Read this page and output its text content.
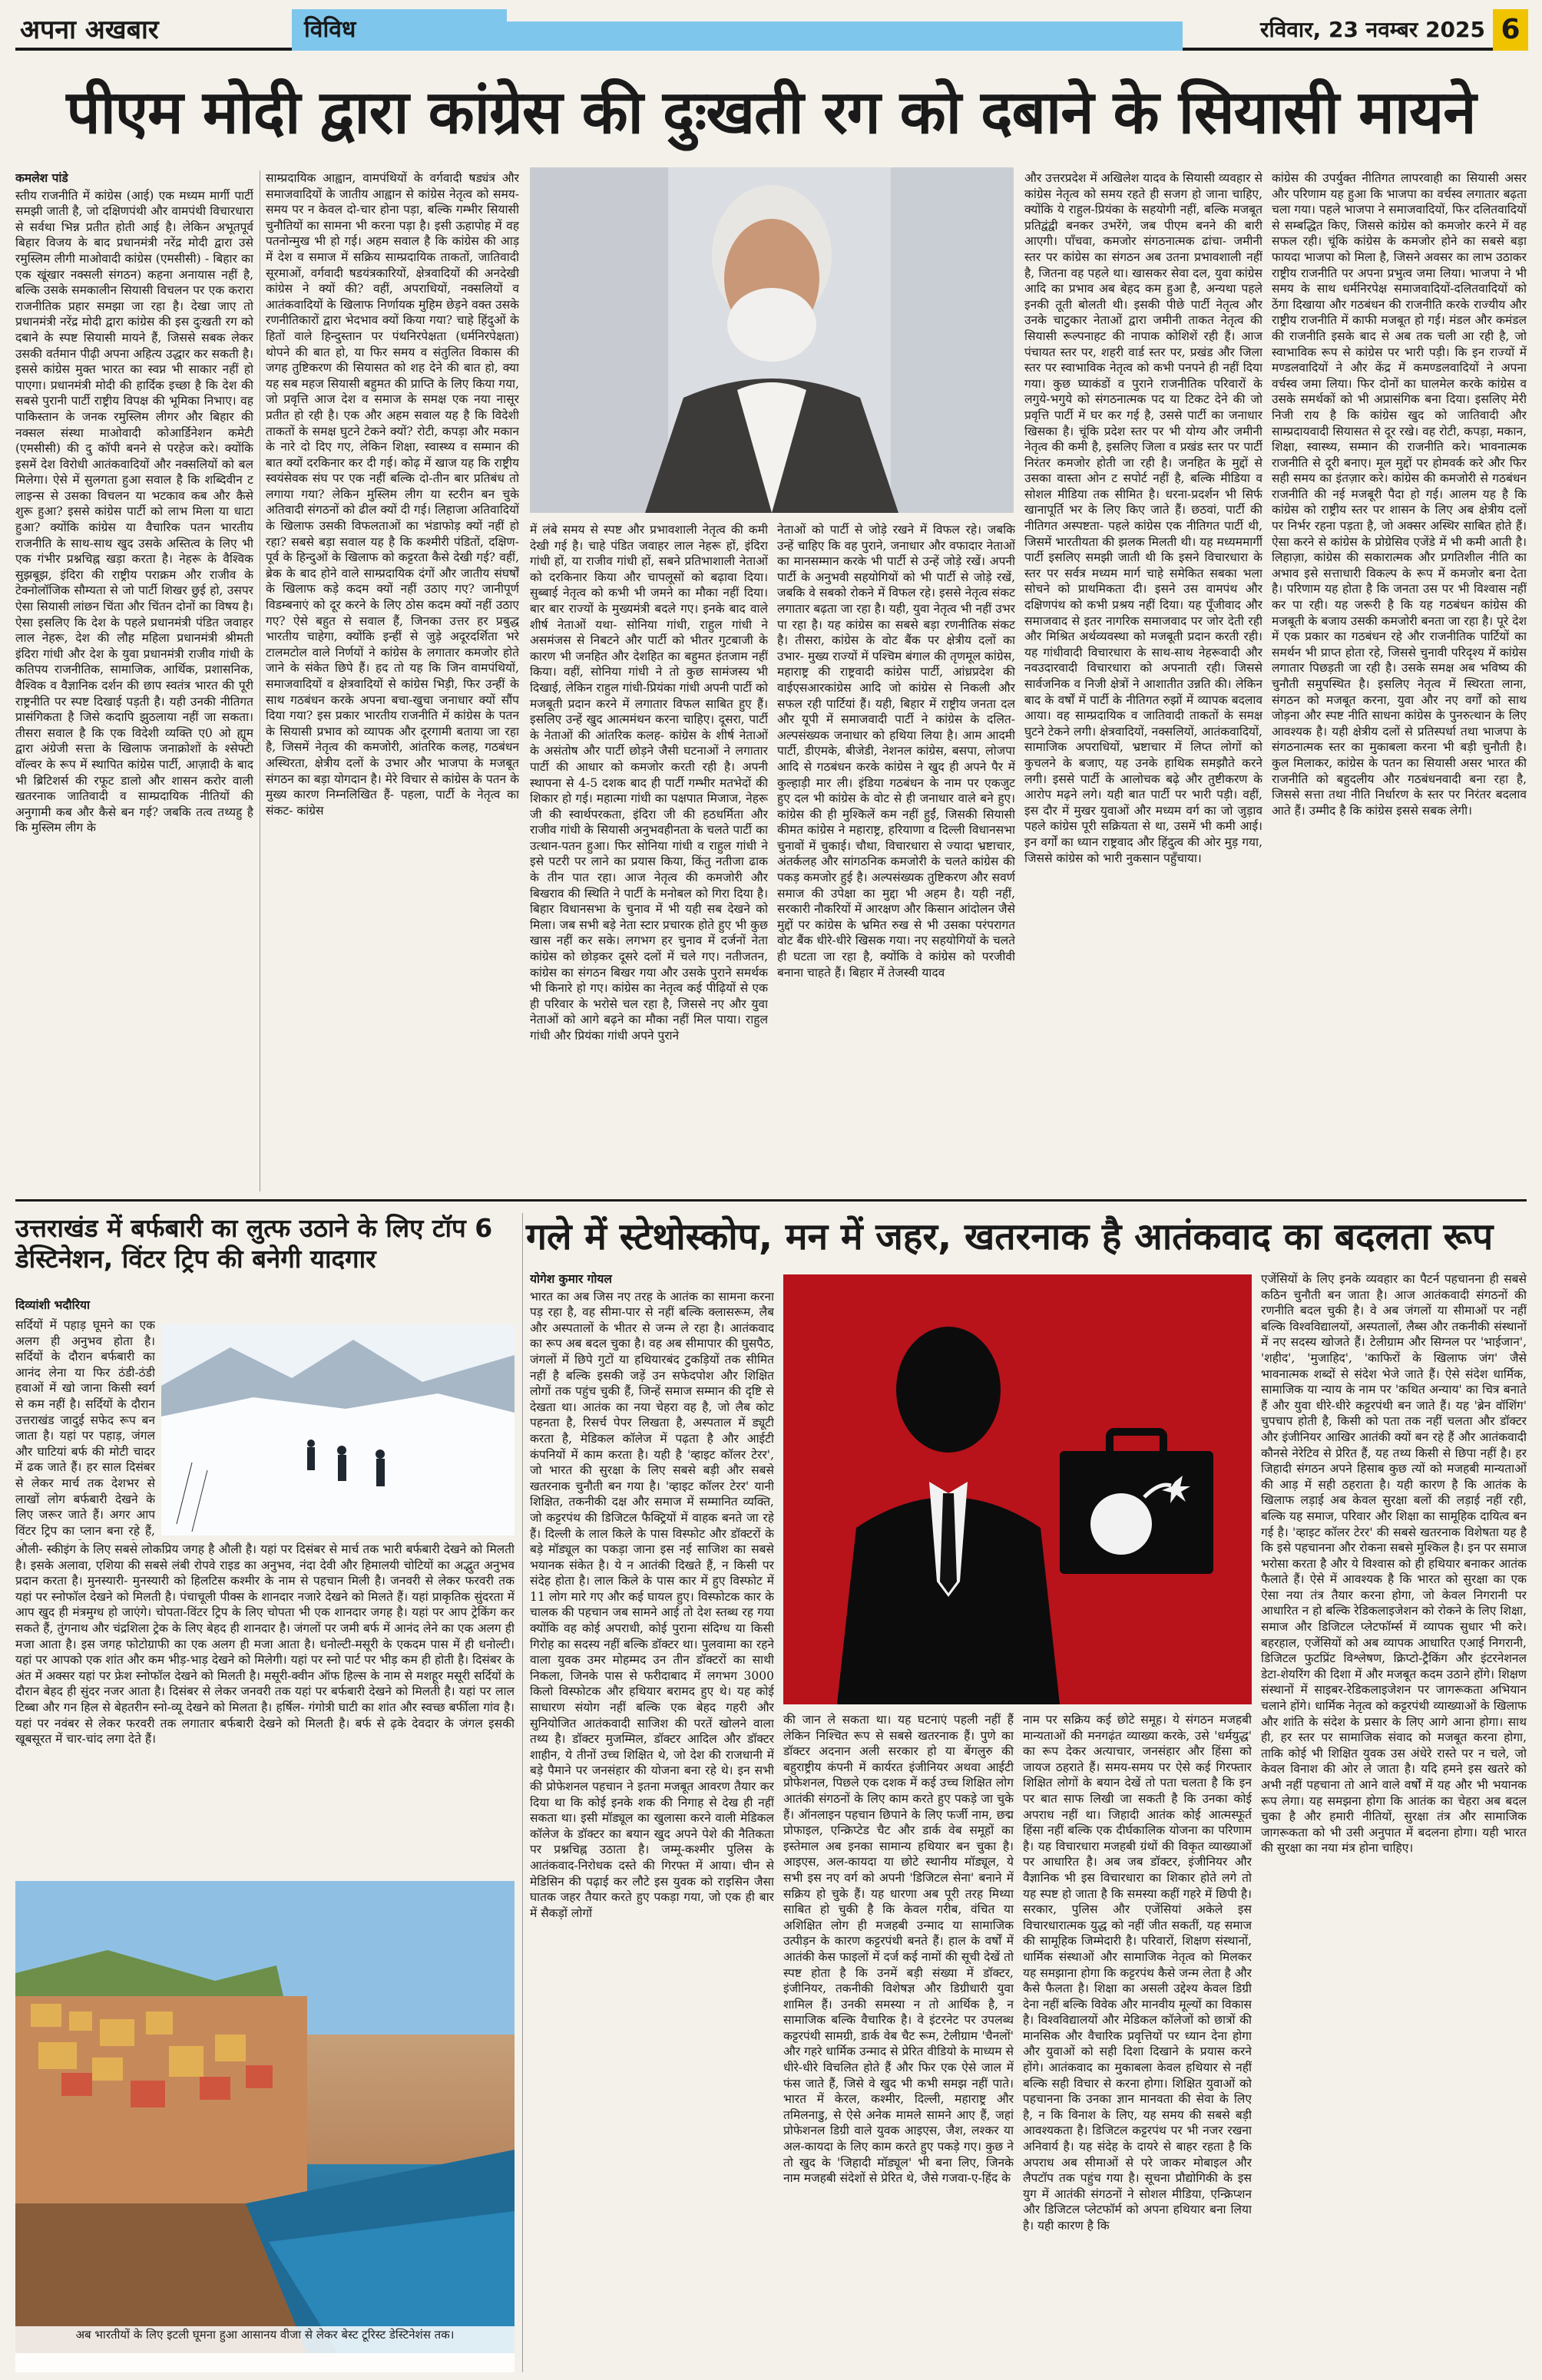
अपना अखबार	विविध	रविवार, 23 नवम्बर 2025 6
पीएम मोदी द्वारा कांग्रेस की दुःखती रग को दबाने के सियासी मायने

कमलेश पांडे

स्तीय राजनीति में कांग्रेस (आई) एक मध्यम मार्गी पार्टी समझी जाती है, जो दक्षिणपंथी और वामपंथी विचारधारा से सर्वथा भिन्न प्रतीत होती आई है। लेकिन अभूतपूर्व बिहार विजय के बाद प्रधानमंत्री नरेंद्र मोदी द्वारा उसे रमुस्लिम लीगी माओवादी कांग्रेस (एमसीसी) - बिहार का एक खूंखार नक्सली संगठन) कहना अनायास नहीं है, बल्कि उसके समकालीन सियासी विचलन पर एक करारा राजनीतिक प्रहार समझा जा रहा है। देखा जाए तो प्रधानमंत्री नरेंद्र मोदी द्वारा कांग्रेस की इस दुःखती रग को दबाने के स्पष्ट सियासी मायने हैं, जिससे सबक लेकर उसकी वर्तमान पीढ़ी अपना अहित्य उद्धार कर सकती है। इससे कांग्रेस मुक्त भारत का स्वप्न भी साकार नहीं हो पाएगा। प्रधानमंत्री मोदी की हार्दिक इच्छा है कि देश की सबसे पुरानी पार्टी राष्ट्रीय विपक्ष की भूमिका निभाए। वह पाकिस्तान के जनक रमुस्लिम लीगर और बिहार की नक्सल संस्था माओवादी कोआर्डिनेशन कमेटी (एमसीसी) की दु कॉपी बनने से परहेज करे। क्योंकि इसमें देश विरोधी आतंकवादियों और नक्सलियों को बल मिलेगा। ऐसे में सुलगता हुआ सवाल है कि शब्दिवीन ट लाइन्स से उसका विचलन या भटकाव कब और कैसे शुरू हुआ? इससे कांग्रेस पार्टी को लाभ मिला या धाटा हुआ? क्योंकि कांग्रेस या वैचारिक पतन भारतीय राजनीति के साथ-साथ खुद उसके अस्तित्व के लिए भी एक गंभीर प्रश्नचिह्न खड़ा करता है। नेहरू के वैश्विक सुझबूझ, इंदिरा की राष्ट्रीय पराक्रम और राजीव के टेक्नोलॉजिक सौम्यता से जो पार्टी शिखर छुई हो, उसपर ऐसा सियासी लांछन चिंता और चिंतन दोनों का विषय है। ऐसा इसलिए कि देश के पहले प्रधानमंत्री पंडित जवाहर लाल नेहरू, देश की लौह महिला प्रधानमंत्री श्रीमती इंदिरा गांधी और देश के युवा प्रधानमंत्री राजीव गांधी के कतिपय राजनीतिक, सामाजिक, आर्थिक, प्रशासनिक, वैश्विक व वैज्ञानिक दर्शन की छाप स्वतंत्र भारत की पूरी राष्ट्रनीति पर स्पष्ट दिखाई पड़ती है। यही उनकी नीतिगत प्रासंगिकता है जिसे कदापि झुठलाया नहीं जा सकता। तीसरा सवाल है कि एक विदेशी व्यक्ति ए0 ओ ह्यूम द्वारा अंग्रेजी सत्ता के खिलाफ जनाक्रोशों के श्सेफ्टी वॉल्वर के रूप में स्थापित कांग्रेस पार्टी, आज़ादी के बाद भी ब्रिटिशर्स की रफूट डालो और शासन करोर वाली खतरनाक जातिवादी व साम्प्रदायिक नीतियों की अनुगामी कब और कैसे बन गई? जबकि तत्व तथ्यहु है कि मुस्लिम लीग के

साम्प्रदायिक आह्वान, वामपंथियों के वर्गवादी षड्यंत्र और समाजवादियों के जातीय आह्वान से कांग्रेस नेतृत्व को समय-समय पर न केवल दो-चार होना पड़ा, बल्कि गम्भीर सियासी चुनौतियों का सामना भी करना पड़ा है। इसी ऊहापोह में वह पतनोन्मुख भी हो गई। अहम सवाल है कि कांग्रेस की आड़ में देश व समाज में सक्रिय साम्प्रदायिक ताकतों, जातिवादी सूरमाओं, वर्गवादी षडयंत्रकारियों, क्षेत्रवादियों की अनदेखी कांग्रेस ने क्यों की? वहीं, अपराधियों, नक्सलियों व आतंकवादियों के खिलाफ निर्णायक मुहिम छेड़ने वक्त उसके रणनीतिकारों द्वारा भेदभाव क्यों किया गया? चाहे हिंदुओं के हितों वाले हिन्दुस्तान पर पंथनिरपेक्षता (धर्मनिरपेक्षता) थोपने की बात हो, या फिर समय व संतुलित विकास की जगह तुष्टिकरण की सियासत को शह देने की बात हो, क्या यह सब महज सियासी बहुमत की प्राप्ति के लिए किया गया, जो प्रवृत्ति आज देश व समाज के समक्ष एक नया नासूर प्रतीत हो रही है। एक और अहम सवाल यह है कि विदेशी ताकतों के समक्ष घुटने टेकने क्यों? रोटी, कपड़ा और मकान के नारे दो दिए गए, लेकिन शिक्षा, स्वास्थ्य व सम्मान की बात क्यों दरकिनार कर दी गई। कोढ़ में खाज यह कि राष्ट्रीय स्वयंसेवक संघ पर एक नहीं बल्कि दो-तीन बार प्रतिबंध तो लगाया गया? लेकिन मुस्लिम लीग या स्टरीन बन चुके अतिवादी संगठनों को ढील क्यों दी गई। लिहाजा अतिवादियों के खिलाफ उसकी विफलताओं का भंडाफोड़ क्यों नहीं हो रहा? सबसे बड़ा सवाल यह है कि कश्मीरी पंडितों, दक्षिण-पूर्व के हिन्दुओं के खिलाफ को कट्टरता कैसे देखी गई? वहीं, ब्रेक के बाद होने वाले साम्प्रदायिक दंगों और जातीय संघर्षों के खिलाफ कड़े कदम क्यों नहीं उठाए गए? जानीपूर्ण विडम्बनाएं को दूर करने के लिए ठोस कदम क्यों नहीं उठाए गए? ऐसे बहुत से सवाल हैं, जिनका उत्तर हर प्रबुद्ध भारतीय चाहेगा, क्योंकि इन्हीं से जुड़े अदूरदर्शिता भरे टालमटोल वाले निर्णयों ने कांग्रेस के लगातार कमजोर होते जाने के संकेत छिपे हैं। हद तो यह कि जिन वामपंथियों, समाजवादियों व क्षेत्रवादियों से कांग्रेस भिड़ी, फिर उन्हीं के साथ गठबंधन करके अपना बचा-खुचा जनाधार क्यों सौंप दिया गया? इस प्रकार भारतीय राजनीति में कांग्रेस के पतन के सियासी प्रभाव को व्यापक और दूरगामी बताया जा रहा है, जिसमें नेतृत्व की कमजोरी, आंतरिक कलह, गठबंधन अस्थिरता, क्षेत्रीय दलों के उभार और भाजपा के मजबूत संगठन का बड़ा योगदान है। मेरे विचार से कांग्रेस के पतन के मुख्य कारण निम्नलिखित हैं- पहला, पार्टी के नेतृत्व का संकट- कांग्रेस

में लंबे समय से स्पष्ट और प्रभावशाली नेतृत्व की कमी देखी गई है। चाहे पंडित जवाहर लाल नेहरू हों, इंदिरा गांधी हों, या राजीव गांधी हों, सबने प्रतिभाशाली नेताओं को दरकिनार किया और चापलूसों को बढ़ावा दिया। सुब्बाई नेतृत्व को कभी भी जमने का मौका नहीं दिया। बार बार राज्यों के मुख्यमंत्री बदले गए। इनके बाद वाले शीर्ष नेताओं यथा- सोनिया गांधी, राहुल गांधी ने असमंजस से निबटने और पार्टी को भीतर गुटबाजी के कारण भी जनहित और देशहित का बहुमत इंतजाम नहीं किया। वहीं, सोनिया गांधी ने तो कुछ सामंजस्य भी दिखाई, लेकिन राहुल गांधी-प्रियंका गांधी अपनी पार्टी को मजबूती प्रदान करने में लगातार विफल साबित हुए हैं। इसलिए उन्हें खुद आत्ममंथन करना चाहिए। दूसरा, पार्टी के नेताओं की आंतरिक कलह- कांग्रेस के शीर्ष नेताओं के असंतोष और पार्टी छोड़ने जैसी घटनाओं ने लगातार पार्टी की आधार को कमजोर करती रही है। अपनी स्थापना से 4-5 दशक बाद ही पार्टी गम्भीर मतभेदों की शिकार हो गई। महात्मा गांधी का पक्षपात मिजाज, नेहरू जी की स्वार्थपरकता, इंदिरा जी की हठधर्मिता और राजीव गांधी के सियासी अनुभवहीनता के चलते पार्टी का उत्थान-पतन हुआ। फिर सोनिया गांधी व राहुल गांधी ने इसे पटरी पर लाने का प्रयास किया, किंतु नतीजा ढाक के तीन पात रहा। आज नेतृत्व की कमजोरी और बिखराव की स्थिति ने पार्टी के मनोबल को गिरा दिया है। बिहार विधानसभा के चुनाव में भी यही सब देखने को मिला। जब सभी बड़े नेता स्टार प्रचारक होते हुए भी कुछ खास नहीं कर सके। लगभग हर चुनाव में दर्जनों नेता कांग्रेस को छोड़कर दूसरे दलों में चले गए। नतीजतन, कांग्रेस का संगठन बिखर गया और उसके पुराने समर्थक भी किनारे हो गए। कांग्रेस का नेतृत्व कई पीढ़ियों से एक ही परिवार के भरोसे चल रहा है, जिससे नए और युवा नेताओं को आगे बढ़ने का मौका नहीं मिल पाया। राहुल गांधी और प्रियंका गांधी अपने पुराने

नेताओं को पार्टी से जोड़े रखने में विफल रहे। जबकि उन्हें चाहिए कि वह पुराने, जनाधार और वफादार नेताओं का मानसम्मान करके भी पार्टी से उन्हें जोड़े रखें। अपनी पार्टी के अनुभवी सहयोगियों को भी पार्टी से जोड़े रखें, जबकि वे सबको रोकने में विफल रहे। इससे नेतृत्व संकट लगातार बढ़ता जा रहा है। यही, युवा नेतृत्व भी नहीं उभर पा रहा है। यह कांग्रेस का सबसे बड़ा रणनीतिक संकट है। तीसरा, कांग्रेस के वोट बैंक पर क्षेत्रीय दलों का उभार- मुख्य राज्यों में पश्चिम बंगाल की तृणमूल कांग्रेस, महाराष्ट्र की राष्ट्रवादी कांग्रेस पार्टी, आंध्रप्रदेश की वाईएसआरकांग्रेस आदि जो कांग्रेस से निकली और सफल रही पार्टियां हैं। यही, बिहार में राष्ट्रीय जनता दल और यूपी में समाजवादी पार्टी ने कांग्रेस के दलित-अल्पसंख्यक जनाधार को हथिया लिया है। आम आदमी पार्टी, डीएमके, बीजेडी, नेशनल कांग्रेस, बसपा, लोजपा आदि से गठबंधन करके कांग्रेस ने खुद ही अपने पैर में कुल्हाड़ी मार ली। इंडिया गठबंधन के नाम पर एकजुट हुए दल भी कांग्रेस के वोट से ही जनाधार वाले बने हुए। कांग्रेस की ही मुश्किलें कम नहीं हुईं, जिसकी सियासी कीमत कांग्रेस ने महाराष्ट्र, हरियाणा व दिल्ली विधानसभा चुनावों में चुकाई। चौथा, विचारधारा से ज्यादा भ्रष्टाचार, अंतर्कलह और सांगठनिक कमजोरी के चलते कांग्रेस की पकड़ कमजोर हुई है। अल्पसंख्यक तुष्टिकरण और सवर्ण समाज की उपेक्षा का मुद्दा भी अहम है। यही नहीं, सरकारी नौकरियों में आरक्षण और किसान आंदोलन जैसे मुद्दों पर कांग्रेस के भ्रमित रुख से भी उसका परंपरागत वोट बैंक धीरे-धीरे खिसक गया। नए सहयोगियों के चलते ही घटता जा रहा है, क्योंकि वे कांग्रेस को परजीवी बनाना चाहते हैं। बिहार में तेजस्वी यादव

और उत्तरप्रदेश में अखिलेश यादव के सियासी व्यवहार से कांग्रेस नेतृत्व को समय रहते ही सजग हो जाना चाहिए, क्योंकि ये राहुल-प्रियंका के सहयोगी नहीं, बल्कि मजबूत प्रतिद्वंद्वी बनकर उभरेंगे, जब पीएम बनने की बारी आएगी। पाँचवा, कमजोर संगठनात्मक ढांचा- जमीनी स्तर पर कांग्रेस का संगठन अब उतना प्रभावशाली नहीं है, जितना वह पहले था। खासकर सेवा दल, युवा कांग्रेस आदि का प्रभाव अब बेहद कम हुआ है, अन्यथा पहले इनकी तूती बोलती थी। इसकी पीछे पार्टी नेतृत्व और उनके चाटुकार नेताओं द्वारा जमीनी ताकत नेतृत्व की सियासी रूल्पनाहट की नापाक कोशिशें रही हैं। आज पंचायत स्तर पर, शहरी वार्ड स्तर पर, प्रखंड और जिला स्तर पर स्वाभाविक नेतृत्व को कभी पनपने ही नहीं दिया गया। कुछ घ्याकंडों व पुराने राजनीतिक परिवारों के लगुये-भगुये को संगठनात्मक पद या टिकट देने की जो प्रवृत्ति पार्टी में घर कर गई है, उससे पार्टी का जनाधार खिसका है। चूंकि प्रदेश स्तर पर भी योग्य और जमीनी नेतृत्व की कमी है, इसलिए जिला व प्रखंड स्तर पर पार्टी निरंतर कमजोर होती जा रही है। जनहित के मुद्दों से उसका वास्ता ओन ट सपोर्ट नहीं है, बल्कि मीडिया व सोशल मीडिया तक सीमित है। धरना-प्रदर्शन भी सिर्फ खानापूर्ति भर के लिए किए जाते हैं। छठवां, पार्टी की नीतिगत अस्पष्टता- पहले कांग्रेस एक नीतिगत पार्टी थी, जिसमें भारतीयता की झलक मिलती थी। यह मध्यममार्गी पार्टी इसलिए समझी जाती थी कि इसने विचारधारा के स्तर पर सर्वत्र मध्यम मार्ग चाहे समेकित सबका भला सोचने को प्राथमिकता दी। इसने उस वामपंथ और दक्षिणपंथ को कभी प्रश्रय नहीं दिया। यह पूँजीवाद और समाजवाद से इतर नागरिक समाजवाद पर जोर देती रही और मिश्रित अर्थव्यवस्था को मजबूती प्रदान करती रही। यह गांधीवादी विचारधारा के साथ-साथ नेहरूवादी और नवउदारवादी विचारधारा को अपनाती रही। जिससे सार्वजनिक व निजी क्षेत्रों ने आशातीत उन्नति की। लेकिन बाद के वर्षों में पार्टी के नीतिगत रुझों में व्यापक बदलाव आया। वह साम्प्रदायिक व जातिवादी ताकतों के समक्ष घुटने टेकने लगी। क्षेत्रवादियों, नक्सलियों, आतंकवादियों, सामाजिक अपराधियों, भ्रष्टाचार में लिप्त लोगों को कुचलने के बजाए, यह उनके हाथिक समझौते करने लगी। इससे पार्टी के आलोचक बढ़े और तुष्टीकरण के आरोप मढ़ने लगे। यही बात पार्टी पर भारी पड़ी। वहीं, इस दौर में मुखर युवाओं और मध्यम वर्ग का जो जुड़ाव पहले कांग्रेस पूरी सक्रियता से था, उसमें भी कमी आई। इन वर्गों का ध्यान राष्ट्रवाद और हिंदुत्व की ओर मुड़ गया, जिससे कांग्रेस को भारी नुकसान पहुँचाया।

कांग्रेस की उपर्युक्त नीतिगत लापरवाही का सियासी असर और परिणाम यह हुआ कि भाजपा का वर्चस्व लगातार बढ़ता चला गया। पहले भाजपा ने समाजवादियों, फिर दलितवादियों से सम्बद्धित किए, जिससे कांग्रेस को कमजोर करने में वह सफल रही। चूंकि कांग्रेस के कमजोर होने का सबसे बड़ा फायदा भाजपा को मिला है, जिसने अवसर का लाभ उठाकर राष्ट्रीय राजनीति पर अपना प्रभुत्व जमा लिया। भाजपा ने भी समय के साथ धर्मनिरपेक्ष समाजवादियों-दलितवादियों को ठेंगा दिखाया और गठबंधन की राजनीति करके राज्यीय और राष्ट्रीय राजनीति में काफी मजबूत हो गई। मंडल और कमंडल की राजनीति इसके बाद से अब तक चली आ रही है, जो स्वाभाविक रूप से कांग्रेस पर भारी पड़ी। कि इन राज्यों में मण्डलवादियों ने और केंद्र में कमण्डलवादियों ने अपना वर्चस्व जमा लिया। फिर दोनों का घालमेल करके कांग्रेस व उसके समर्थकों को भी अप्रासंगिक बना दिया। इसलिए मेरी निजी राय है कि कांग्रेस खुद को जातिवादी और साम्प्रदायवादी सियासत से दूर रखे। वह रोटी, कपड़ा, मकान, शिक्षा, स्वास्थ्य, सम्मान की राजनीति करे। भावनात्मक राजनीति से दूरी बनाए। मूल मुद्दों पर होमवर्क करे और फिर सही समय का इंतज़ार करे। कांग्रेस की कमजोरी से गठबंधन राजनीति की नई मजबूरी पैदा हो गई। आलम यह है कि कांग्रेस को राष्ट्रीय स्तर पर शासन के लिए अब क्षेत्रीय दलों पर निर्भर रहना पड़ता है, जो अक्सर अस्थिर साबित होते हैं। ऐसा करने से कांग्रेस के प्रोग्रेसिव एजेंडे में भी कमी आती है। लिहाज़ा, कांग्रेस की सकारात्मक और प्रगतिशील नीति का अभाव इसे सत्ताधारी विकल्प के रूप में कमजोर बना देता है। परिणाम यह होता है कि जनता उस पर भी विश्वास नहीं कर पा रही। यह जरूरी है कि यह गठबंधन कांग्रेस की मजबूती के बजाय उसकी कमजोरी बनता जा रहा है। पूरे देश में एक प्रकार का गठबंधन रहे और राजनीतिक पार्टियों का समर्थन भी प्राप्त होता रहे, जिससे चुनावी परिदृश्य में कांग्रेस लगातार पिछड़ती जा रही है। उसके समक्ष अब भविष्य की चुनौती समुपस्थित है। इसलिए नेतृत्व में स्थिरता लाना, संगठन को मजबूत करना, युवा और नए वर्गों को साथ जोड़ना और स्पष्ट नीति साधना कांग्रेस के पुनरुत्थान के लिए आवश्यक है। यही क्षेत्रीय दलों से प्रतिस्पर्धा तथा भाजपा के संगठनात्मक स्तर का मुकाबला करना भी बड़ी चुनौती है। कुल मिलाकर, कांग्रेस के पतन का सियासी असर भारत की राजनीति को बहुदलीय और गठबंधनवादी बना रहा है, जिससे सत्ता तथा नीति निर्धारण के स्तर पर निरंतर बदलाव आते हैं। उम्मीद है कि कांग्रेस इससे सबक लेगी।

उत्तराखंड में बर्फबारी का लुत्फ उठाने के लिए टॉप 6 डेस्टिनेशन, विंटर ट्रिप की बनेगी यादगार

दिव्यांशी भदौरिया

सर्दियों में पहाड़ घूमने का एक अलग ही अनुभव होता है। सर्दियों के दौरान बर्फबारी का आनंद लेना या फिर ठंडी-ठंडी हवाओं में खो जाना किसी स्वर्ग से कम नहीं है। सर्दियों के दौरान उत्तराखंड जादुई सफेद रूप बन जाता है। यहां पर पहाड़, जंगल और घाटियां बर्फ की मोटी चादर में ढक जाते हैं। हर साल दिसंबर से लेकर मार्च तक देशभर से लाखों लोग बर्फबारी देखने के लिए जरूर जाते हैं। अगर आप विंटर ट्रिप का प्लान बना रहे हैं,

औली- स्कीइंग के लिए सबसे लोकप्रिय जगह है औली है। यहां पर दिसंबर से मार्च तक भारी बर्फबारी देखने को मिलती है। इसके अलावा, एशिया की सबसे लंबी रोपवे राइड का अनुभव, नंदा देवी और हिमालयी चोटियों का अद्भुत अनुभव प्रदान करता है। मुनस्यारी- मुनस्यारी को हिलटिस कश्मीर के नाम से पहचान मिली है। जनवरी से लेकर फरवरी तक यहां पर स्नोफॉल देखने को मिलती है। पंचाचूली पीक्स के शानदार नजारे देखने को मिलते हैं। यहां प्राकृतिक सुंदरता में आप खुद ही मंत्रमुग्ध हो जाएंगे। चोपता-विंटर ट्रिप के लिए चोपता भी एक शानदार जगह है। यहां पर आप ट्रेकिंग कर सकते हैं, तुंगनाथ और चंद्रशिला ट्रेक के लिए बेहद ही शानदार है। जंगलों पर जमी बर्फ में आनंद लेने का एक अलग ही मजा आता है। इस जगह फोटोग्राफी का एक अलग ही मजा आता है। धनोल्टी-मसूरी के एकदम पास में ही धनोल्टी। यहां पर आपको एक शांत और कम भीड़-भाड़ देखने को मिलेगी। यहां पर स्नो पार्ट पर भीड़ कम ही होती है। दिसंबर के अंत में अक्सर यहां पर फ्रेश स्नोफॉल देखने को मिलती है। मसूरी-क्वीन ऑफ हिल्स के नाम से मशहूर मसूरी सर्दियों के दौरान बेहद ही सुंदर नजर आता है। दिसंबर से लेकर जनवरी तक यहां पर बर्फबारी देखने को मिलती है। यहां पर लाल टिब्बा और गन हिल से बेहतरीन स्नो-व्यू देखने को मिलता है। हर्षिल- गंगोत्री घाटी का शांत और स्वच्छ बर्फीला गांव है। यहां पर नवंबर से लेकर फरवरी तक लगातार बर्फबारी देखने को मिलती है। बर्फ से ढ़के देवदार के जंगल इसकी खूबसूरत में चार-चांद लगा देते हैं।

अब भारतीयों के लिए इटली घूमना हुआ आसानय वीजा से लेकर बेस्ट टूरिस्ट डेस्टिनेशंस तक।
गले में स्टेथोस्कोप, मन में जहर, खतरनाक है आतंकवाद का बदलता रूप

योगेश कुमार गोयल

भारत का अब जिस नए तरह के आतंक का सामना करना पड़ रहा है, वह सीमा-पार से नहीं बल्कि क्लासरूम, लैब और अस्पतालों के भीतर से जन्म ले रहा है। आतंकवाद का रूप अब बदल चुका है। वह अब सीमापार की घुसपैठ, जंगलों में छिपे गुटों या हथियारबंद टुकड़ियों तक सीमित नहीं है बल्कि इसकी जड़ें उन सफेदपोश और शिक्षित लोगों तक पहुंच चुकी हैं, जिन्हें समाज सम्मान की दृष्टि से देखता था। आतंक का नया चेहरा वह है, जो लैब कोट पहनता है, रिसर्च पेपर लिखता है, अस्पताल में ड्यूटी करता है, मेडिकल कॉलेज में पढ़ता है और आईटी कंपनियों में काम करता है। यही है 'व्हाइट कॉलर टेरर', जो भारत की सुरक्षा के लिए सबसे बड़ी और सबसे खतरनाक चुनौती बन गया है। 'व्हाइट कॉलर टेरर' यानी शिक्षित, तकनीकी दक्ष और समाज में सम्मानित व्यक्ति, जो कट्टरपंथ की डिजिटल फैक्ट्रियों में वाहक बनते जा रहे हैं। दिल्ली के लाल किले के पास विस्फोट और डॉक्टरों के बड़े मॉड्यूल का पकड़ा जाना इस नई साजिश का सबसे भयानक संकेत है। ये न आतंकी दिखते हैं, न किसी पर संदेह होता है। लाल किले के पास कार में हुए विस्फोट में 11 लोग मारे गए और कई घायल हुए। विस्फोटक कार के चालक की पहचान जब सामने आई तो देश स्तब्ध रह गया क्योंकि वह कोई अपराधी, कोई पुराना संदिग्ध या किसी गिरोह का सदस्य नहीं बल्कि डॉक्टर था। पुलवामा का रहने वाला युवक उमर मोहम्मद उन तीन डॉक्टरों का साथी निकला, जिनके पास से फरीदाबाद में लगभग 3000 किलो विस्फोटक और हथियार बरामद हुए थे। यह कोई साधारण संयोग नहीं बल्कि एक बेहद गहरी और सुनियोजित आतंकवादी साजिश की परतें खोलने वाला तथ्य है। डॉक्टर मुजम्मिल, डॉक्टर आदिल और डॉक्टर शाहीन, ये तीनों उच्च शिक्षित थे, जो देश की राजधानी में बड़े पैमाने पर जनसंहार की योजना बना रहे थे। इन सभी की प्रोफेशनल पहचान ने इतना मजबूत आवरण तैयार कर दिया था कि कोई इनके शक की निगाह से देख ही नहीं सकता था। इसी मॉड्यूल का खुलासा करने वाली मेडिकल कॉलेज के डॉक्टर का बयान खुद अपने पेशे की नैतिकता पर प्रश्नचिह्न उठाता है। जम्मू-कश्मीर पुलिस के आतंकवाद-निरोधक दस्ते की गिरफ्त में आया। चीन से मेडिसिन की पढ़ाई कर लौटे इस युवक को राइसिन जैसा घातक जहर तैयार करते हुए पकड़ा गया, जो एक ही बार में सैकड़ों लोगों

की जान ले सकता था। यह घटनाएं पहली नहीं हैं लेकिन निश्चित रूप से सबसे खतरनाक हैं। पुणे का डॉक्टर अदनान अली सरकार हो या बेंगलुरु की बहुराष्ट्रीय कंपनी में कार्यरत इंजीनियर अथवा आईटी प्रोफेशनल, पिछले एक दशक में कई उच्च शिक्षित लोग आतंकी संगठनों के लिए काम करते हुए पकड़े जा चुके हैं। ऑनलाइन पहचान छिपाने के लिए फर्जी नाम, छद्म प्रोफाइल, एन्क्रिप्टेड चैट और डार्क वेब समूहों का इस्तेमाल अब इनका सामान्य हथियार बन चुका है। आइएस, अल-कायदा या छोटे स्थानीय मॉड्यूल, ये सभी इस नए वर्ग को अपनी 'डिजिटल सेना' बनाने में सक्रिय हो चुके हैं। यह धारणा अब पूरी तरह मिथ्या साबित हो चुकी है कि केवल गरीब, वंचित या अशिक्षित लोग ही मजहबी उन्माद या सामाजिक उत्पीड़न के कारण कट्टरपंथी बनते हैं। हाल के वर्षों में आतंकी केस फाइलों में दर्ज कई नामों की सूची देखें तो स्पष्ट होता है कि उनमें बड़ी संख्या में डॉक्टर, इंजीनियर, तकनीकी विशेषज्ञ और डिग्रीधारी युवा शामिल हैं। उनकी समस्या न तो आर्थिक है, न सामाजिक बल्कि वैचारिक है। वे इंटरनेट पर उपलब्ध कट्टरपंथी सामग्री, डार्क वेब चैट रूम, टेलीग्राम 'चैनलों' और गहरे धार्मिक उन्माद से प्रेरित वीडियो के माध्यम से धीरे-धीरे विचलित होते हैं और फिर एक ऐसे जाल में फंस जाते हैं, जिसे वे खुद भी कभी समझ नहीं पाते। भारत में केरल, कश्मीर, दिल्ली, महाराष्ट्र और तमिलनाडु, से ऐसे अनेक मामले सामने आए हैं, जहां प्रोफेशनल डिग्री वाले युवक आइएस, जैश, लश्कर या अल-कायदा के लिए काम करते हुए पकड़े गए। कुछ ने तो खुद के 'जिहादी मॉड्यूल' भी बना लिए, जिनके नाम मजहबी संदेशों से प्रेरित थे, जैसे गजवा-ए-हिंद के

नाम पर सक्रिय कई छोटे समूह। ये संगठन मजहबी मान्यताओं की मनगढ़ंत व्याख्या करके, उसे 'धर्मयुद्ध' का रूप देकर अत्याचार, जनसंहार और हिंसा को जायज ठहराते हैं। समय-समय पर ऐसे कई गिरफ्तार शिक्षित लोगों के बयान देखें तो पता चलता है कि इन पर बात साफ लिखी जा सकती है कि उनका कोई अपराध नहीं था। जिहादी आतंक कोई आत्मस्फूर्त हिंसा नहीं बल्कि एक दीर्घकालिक योजना का परिणाम है। यह विचारधारा मजहबी ग्रंथों की विकृत व्याख्याओं पर आधारित है। अब जब डॉक्टर, इंजीनियर और वैज्ञानिक भी इस विचारधारा का शिकार होते लगे तो यह स्पष्ट हो जाता है कि समस्या कहीं गहरे में छिपी है। सरकार, पुलिस और एजेंसियां अकेले इस विचारधारात्मक युद्ध को नहीं जीत सकतीं, यह समाज की सामूहिक जिम्मेदारी है। परिवारों, शिक्षण संस्थानों, धार्मिक संस्थाओं और सामाजिक नेतृत्व को मिलकर यह समझाना होगा कि कट्टरपंथ कैसे जन्म लेता है और कैसे फैलता है। शिक्षा का असली उद्देश्य केवल डिग्री देना नहीं बल्कि विवेक और मानवीय मूल्यों का विकास है। विश्वविद्यालयों और मेडिकल कॉलेजों को छात्रों की मानसिक और वैचारिक प्रवृत्तियों पर ध्यान देना होगा और युवाओं को सही दिशा दिखाने के प्रयास करने होंगे। आतंकवाद का मुकाबला केवल हथियार से नहीं बल्कि सही विचार से करना होगा। शिक्षित युवाओं को पहचानना कि उनका ज्ञान मानवता की सेवा के लिए है, न कि विनाश के लिए, यह समय की सबसे बड़ी आवश्यकता है। डिजिटल कट्टरपंथ पर भी नजर रखना अनिवार्य है। यह संदेह के दायरे से बाहर रहता है कि अपराध अब सीमाओं से परे जाकर मोबाइल और लैपटॉप तक पहुंच गया है। सूचना प्रौद्योगिकी के इस युग में आतंकी संगठनों ने सोशल मीडिया, एन्क्रिप्शन और डिजिटल प्लेटफॉर्म को अपना हथियार बना लिया है। यही कारण है कि

एजेंसियों के लिए इनके व्यवहार का पैटर्न पहचानना ही सबसे कठिन चुनौती बन जाता है। आज आतंकवादी संगठनों की रणनीति बदल चुकी है। वे अब जंगलों या सीमाओं पर नहीं बल्कि विश्वविद्यालयों, अस्पतालों, लैब्स और तकनीकी संस्थानों में नए सदस्य खोजते हैं। टेलीग्राम और सिग्नल पर 'भाईजान', 'शहीद', 'मुजाहिद', 'काफिरों के खिलाफ जंग' जैसे भावनात्मक शब्दों से संदेश भेजे जाते हैं। ऐसे संदेश धार्मिक, सामाजिक या न्याय के नाम पर 'कथित अन्याय' का चित्र बनाते हैं और युवा धीरे-धीरे कट्टरपंथी बन जाते हैं। यह 'ब्रेन वॉशिंग' चुपचाप होती है, किसी को पता तक नहीं चलता और डॉक्टर और इंजीनियर आखिर आतंकी क्यों बन रहे हैं और आतंकवादी कौनसे नेरेटिव से प्रेरित हैं, यह तथ्य किसी से छिपा नहीं है। हर जिहादी संगठन अपने हिसाब कुछ त्यों को मजहबी मान्यताओं की आड़ में सही ठहराता है। यही कारण है कि आतंक के खिलाफ लड़ाई अब केवल सुरक्षा बलों की लड़ाई नहीं रही, बल्कि यह समाज, परिवार और शिक्षा का सामूहिक दायित्व बन गई है। 'व्हाइट कॉलर टेरर' की सबसे खतरनाक विशेषता यह है कि इसे पहचानना और रोकना सबसे मुश्किल है। इन पर समाज भरोसा करता है और ये विश्वास को ही हथियार बनाकर आतंक फैलाते हैं। ऐसे में आवश्यक है कि भारत को सुरक्षा का एक ऐसा नया तंत्र तैयार करना होगा, जो केवल निगरानी पर आधारित न हो बल्कि रेडिकलाइजेशन को रोकने के लिए शिक्षा, समाज और डिजिटल प्लेटफॉर्म्स में व्यापक सुधार भी करे। बहरहाल, एजेंसियों को अब व्यापक आधारित एआई निगरानी, डिजिटल फुटप्रिंट विश्लेषण, क्रिप्टो-ट्रैकिंग और इंटरनेशनल डेटा-शेयरिंग की दिशा में और मजबूत कदम उठाने होंगे। शिक्षण संस्थानों में साइबर-रेडिकलाइजेशन पर जागरूकता अभियान चलाने होंगे। धार्मिक नेतृत्व को कट्टरपंथी व्याख्याओं के खिलाफ और शांति के संदेश के प्रसार के लिए आगे आना होगा। साथ ही, हर स्तर पर सामाजिक संवाद को मजबूत करना होगा, ताकि कोई भी शिक्षित युवक उस अंधेरे रास्ते पर न चले, जो केवल विनाश की ओर ले जाता है। यदि हमने इस खतरे को अभी नहीं पहचाना तो आने वाले वर्षों में यह और भी भयानक रूप लेगा। यह समझना होगा कि आतंक का चेहरा अब बदल चुका है और हमारी नीतियों, सुरक्षा तंत्र और सामाजिक जागरूकता को भी उसी अनुपात में बदलना होगा। यही भारत की सुरक्षा का नया मंत्र होना चाहिए।
